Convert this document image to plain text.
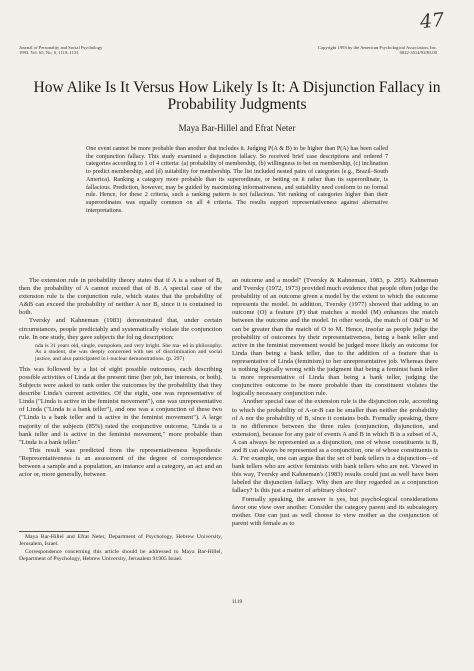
47
Journal of Personality and Social Psychology
1993, Vol. 65, No. 6, 1119–1131
Copyright 1993 by the American Psychological Association, Inc.
0022-3514/93/$3.00
How Alike Is It Versus How Likely Is It: A Disjunction Fallacy in Probability Judgments
Maya Bar-Hillel and Efrat Neter
One event cannot be more probable than another that includes it. Judging P(A & B) to be higher than P(A) has been called the conjunction fallacy. This study examined a disjunction fallacy. So received brief case descriptions and ordered 7 categories according to 1 of 4 criteria: (a) probability of membership, (b) willingness to bet on membership, (c) inclination to predict membership, and (d) suitability for membership. The list included nested pairs of categories (e.g., Brazil–South America). Ranking a category more probable than its superordinate, or betting on it rather than its superordinate, is fallacious. Prediction, however, may be guided by maximizing informativeness, and suitability need conform to no formal rule. Hence, for these 2 criteria, such a ranking pattern is not fallacious. Yet ranking of categories higher than their superordinates was equally common on all 4 criteria. The results support representativeness against alternative interpretations.

The extension rule in probability theory states that if A is a subset of B, then the probability of A cannot exceed that of B. A special case of the extension rule is the conjunction rule, which states that the probability of A&B can exceed the probability of neither A nor B, since it is contained in both.

Tversky and Kahneman (1983) demonstrated that, under certain circumstances, people predictably and systematically violate the conjunction rule. In one study, they gave subjects the fol ng description:

nda is 31 years old, single, outspoken, and very bright. She ma- ed in philosophy. As a student, she was deeply concerned with ues of discrimination and social justice, and also participated in i-nuclear demonstrations. (p. 297)

This was followed by a list of eight possible outcomes, each describing possible activities of Linda at the present time (her job, her interests, or both). Subjects were asked to rank order the outcomes by the probability that they describe Linda's current activities. Of the eight, one was representative of Linda ("Linda is active in the feminist movement"), one was unrepresentative of Linda ("Linda is a bank teller"), and one was a conjunction of these two ("Linda is a bank teller and is active in the feminist movement"). A large majority of the subjects (85%) rated the conjunctive outcome, "Linda is a bank teller and is active in the feminist movement," more probable than "Linda is a bank teller."

This result was predicted from the representativeness hypothesis: "Representativeness is an assessment of the degree of correspondence between a sample and a population, an instance and a category, an act and an actor or, more generally, between

an outcome and a model" (Tversky & Kahneman, 1983, p. 295). Kahneman and Tversky (1972, 1973) provided much evidence that people often judge the probability of an outcome given a model by the extent to which the outcome represents the model. In addition, Tversky (1977) showed that adding to an outcome (O) a feature (F) that matches a model (M) enhances the match between the outcome and the model. In other words, the match of O&F to M can be greater than the match of O to M. Hence, insofar as people judge the probability of outcomes by their representativeness, being a bank teller and active in the feminist movement would be judged more likely an outcome for Linda than being a bank teller, due to the addition of a feature that is representative of Linda (feminism) to her unrepresentative job. Whereas there is nothing logically wrong with the judgment that being a feminist bank teller is more representative of Linda than being a bank teller, judging the conjunctive outcome to be more probable than its constituent violates the logically necessary conjunction rule.

Another special case of the extension rule is the disjunction rule, according to which the probability of A-or-B can be smaller than neither the probability of A nor the probability of B, since it contains both. Formally speaking, there is no difference between the three rules (conjunction, disjunction, and extension), because for any pair of events A and B in which B is a subset of A, A can always be represented as a disjunction, one of whose constituents is B, and B can always be represented as a conjunction, one of whose constituents is A. For example, one can argue that the set of bank tellers is a disjunction—of bank tellers who are active feminists with bank tellers who are not. Viewed in this way, Tversky and Kahneman's (1983) results could just as well have been labeled the disjunction fallacy. Why then are they regarded as a conjunction fallacy? Is this just a matter of arbitrary choice?

Formally speaking, the answer is yes, but psychological considerations favor one view over another. Consider the category parent and its subcategory mother. One can just as well choose to view mother as the conjunction of parent with female as to

Maya Bar-Hillel and Efrat Neter, Department of Psychology, Hebrew University, Jerusalem, Israel.

Correspondence concerning this article should be addressed to Maya Bar-Hillel, Department of Psychology, Hebrew University, Jerusalem 91905 Israel.

1119
